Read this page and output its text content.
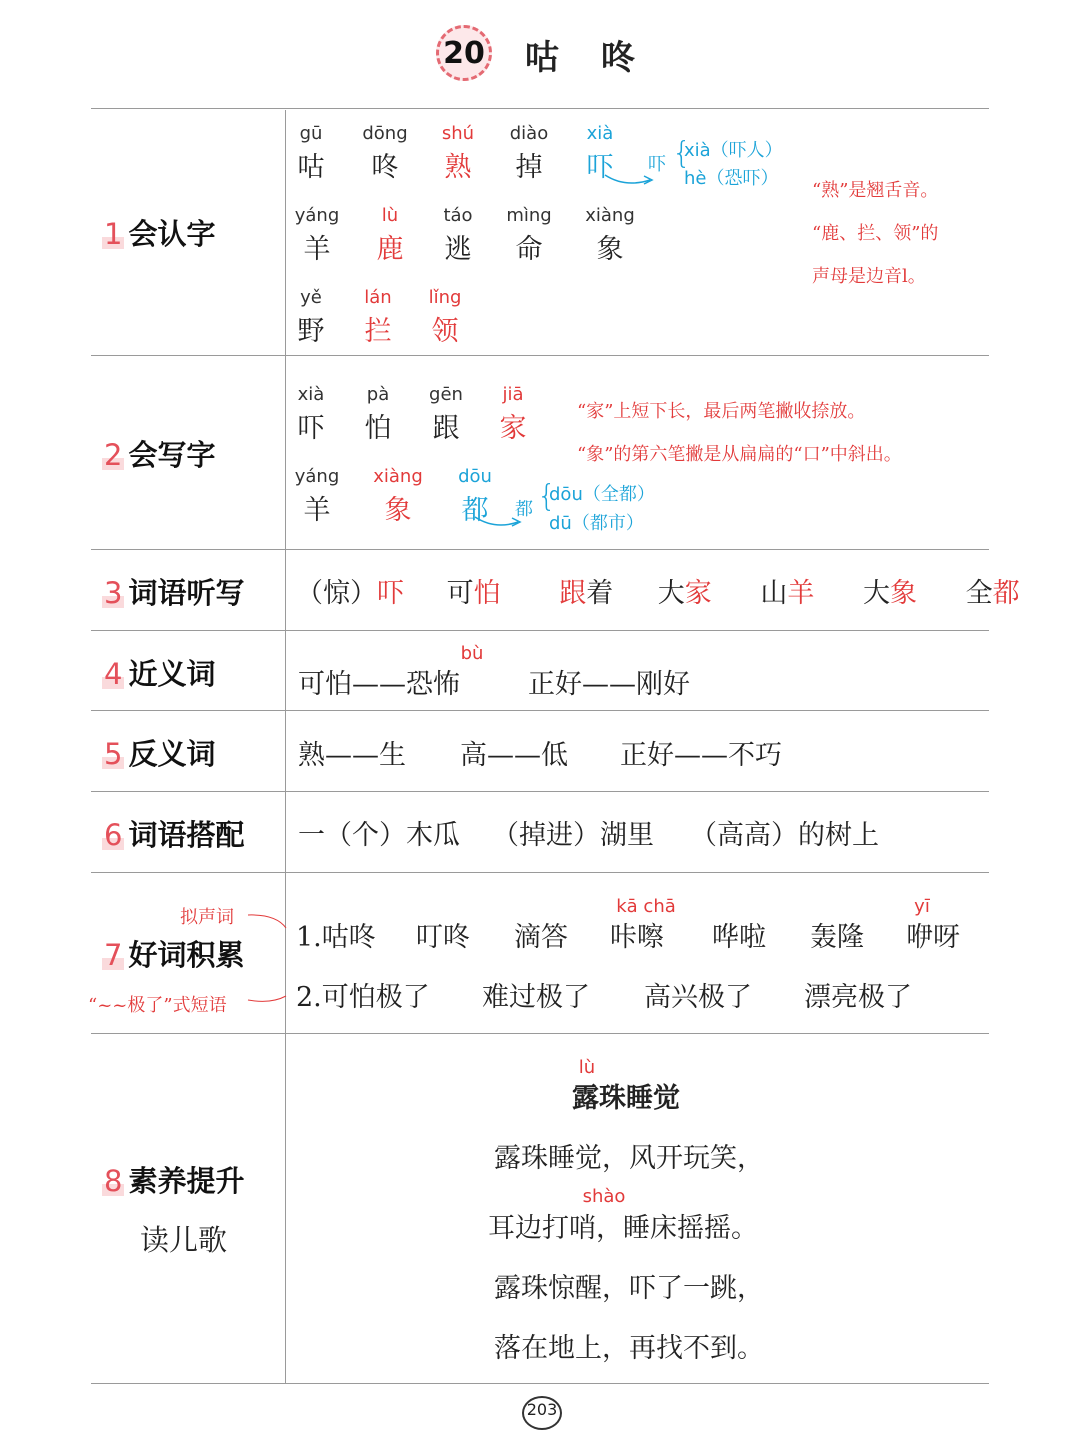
20 咕咚
1 会认字
2 会写字
3 词语听写
4 近义词
5 反义词
6 词语搭配
7 好词积累
8 素养提升
读儿歌
gū
咕
dōng
咚
shú
熟
diào
掉
xià
吓
yáng
羊
lù
鹿
táo
逃
mìng
命
xiàng
象
yě
野
lán
拦
lǐng
领
吓 {
xià（吓人）
hè（恐吓）
“熟”是翘舌音。
“鹿、拦、领”的
声母是边音l。
xià
吓
pà
怕
gēn
跟
jiā
家
yáng
羊
xiàng
象
dōu
都 都 {
dōu（全都）
dū（都市）
“家”上短下长，最后两笔撇收捺放。
“象”的第六笔撇是从扁扁的“口”中斜出。
（惊）吓 可怕 跟着 大家 山羊 大象 全都
bù
可怕——恐怖	正好——刚好
熟——生 高——低 正好——不巧
一（个）木瓜 （掉进）湖里 （高高）的树上
拟声词
“~~极了”式短语
kā chā	yī
1.咕咚 叮咚 滴答 咔嚓 哗啦 轰隆 咿呀
2.可怕极了 难过极了 高兴极了 漂亮极了
lù
露珠睡觉
露珠睡觉，风开玩笑，
shào
耳边打哨，睡床摇摇。
露珠惊醒，吓了一跳，
落在地上，再找不到。
203
